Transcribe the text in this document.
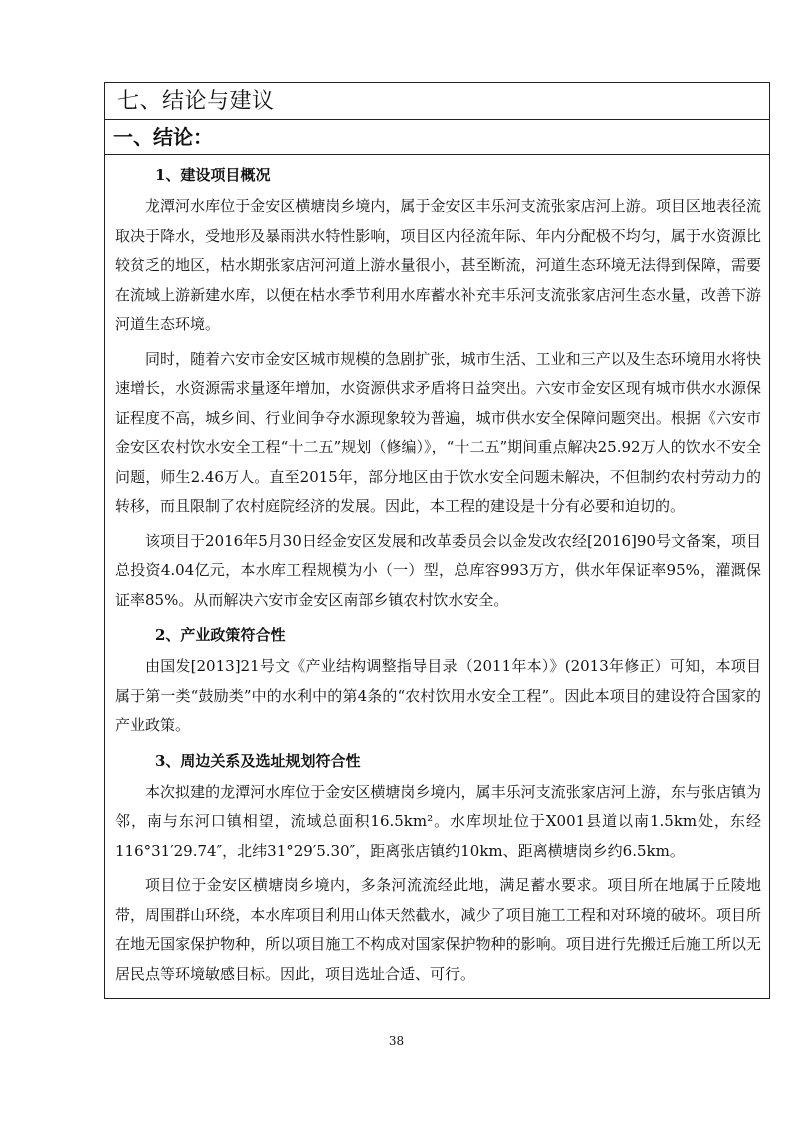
七、结论与建议
一、结论：

1、建设项目概况

龙潭河水库位于金安区横塘岗乡境内，属于金安区丰乐河支流张家店河上游。项目区地表径流取决于降水，受地形及暴雨洪水特性影响，项目区内径流年际、年内分配极不均匀，属于水资源比较贫乏的地区，枯水期张家店河河道上游水量很小，甚至断流，河道生态环境无法得到保障，需要在流域上游新建水库，以便在枯水季节利用水库蓄水补充丰乐河支流张家店河生态水量，改善下游河道生态环境。

同时，随着六安市金安区城市规模的急剧扩张，城市生活、工业和三产以及生态环境用水将快速增长，水资源需求量逐年增加，水资源供求矛盾将日益突出。六安市金安区现有城市供水水源保证程度不高，城乡间、行业间争夺水源现象较为普遍，城市供水安全保障问题突出。根据《六安市金安区农村饮水安全工程“十二五”规划（修编）》，“十二五”期间重点解决25.92万人的饮水不安全问题，师生2.46万人。直至2015年，部分地区由于饮水安全问题未解决，不但制约农村劳动力的转移，而且限制了农村庭院经济的发展。因此，本工程的建设是十分有必要和迫切的。

该项目于2016年5月30日经金安区发展和改革委员会以金发改农经[2016]90号文备案，项目总投资4.04亿元，本水库工程规模为小（一）型，总库容993万方，供水年保证率95%，灌溉保证率85%。从而解决六安市金安区南部乡镇农村饮水安全。

2、产业政策符合性

由国发[2013]21号文《产业结构调整指导目录（2011年本）》(2013年修正）可知，本项目属于第一类“鼓励类”中的水利中的第4条的“农村饮用水安全工程”。因此本项目的建设符合国家的产业政策。

3、周边关系及选址规划符合性

本次拟建的龙潭河水库位于金安区横塘岗乡境内，属丰乐河支流张家店河上游，东与张店镇为邻，南与东河口镇相望，流域总面积16.5km²。水库坝址位于X001县道以南1.5km处，东经116°31′29.74″，北纬31°29′5.30″，距离张店镇约10km、距离横塘岗乡约6.5km。

项目位于金安区横塘岗乡境内，多条河流流经此地，满足蓄水要求。项目所在地属于丘陵地带，周围群山环绕，本水库项目利用山体天然截水，减少了项目施工工程和对环境的破坏。项目所在地无国家保护物种，所以项目施工不构成对国家保护物种的影响。项目进行先搬迁后施工所以无居民点等环境敏感目标。因此，项目选址合适、可行。

38
